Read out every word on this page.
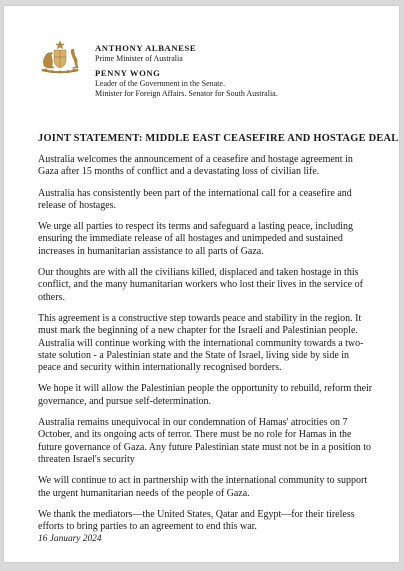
ANTHONY ALBANESE
Prime Minister of Australia
PENNY WONG
Leader of the Government in the Senate.
Minister for Foreign Affairs. Senator for South Australia.
JOINT STATEMENT: MIDDLE EAST CEASEFIRE AND HOSTAGE DEAL

Australia welcomes the announcement of a ceasefire and hostage agreement in Gaza after 15 months of conflict and a devastating loss of civilian life.

Australia has consistently been part of the international call for a ceasefire and release of hostages.

We urge all parties to respect its terms and safeguard a lasting peace, including ensuring the immediate release of all hostages and unimpeded and sustained increases in humanitarian assistance to all parts of Gaza.

Our thoughts are with all the civilians killed, displaced and taken hostage in this conflict, and the many humanitarian workers who lost their lives in the service of others.

This agreement is a constructive step towards peace and stability in the region. It must mark the beginning of a new chapter for the Israeli and Palestinian people. Australia will continue working with the international community towards a two-state solution - a Palestinian state and the State of Israel, living side by side in peace and security within internationally recognised borders.

We hope it will allow the Palestinian people the opportunity to rebuild, reform their governance, and pursue self-determination.

Australia remains unequivocal in our condemnation of Hamas' atrocities on 7 October, and its ongoing acts of terror. There must be no role for Hamas in the future governance of Gaza. Any future Palestinian state must not be in a position to threaten Israel's security

We will continue to act in partnership with the international community to support the urgent humanitarian needs of the people of Gaza.

We thank the mediators—the United States, Qatar and Egypt—for their tireless efforts to bring parties to an agreement to end this war.

16 January 2024
